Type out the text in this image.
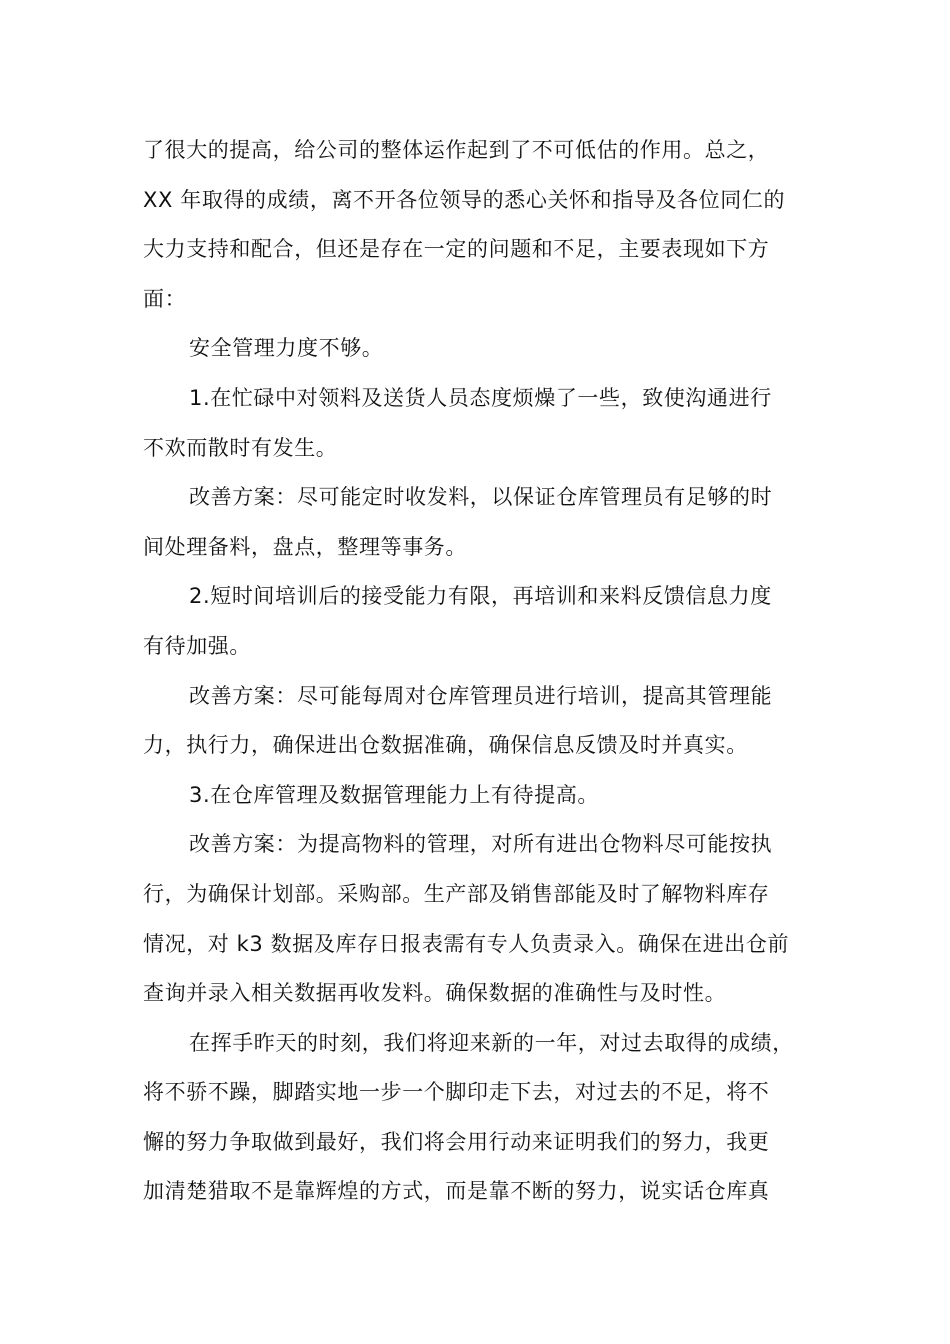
了很大的提高，给公司的整体运作起到了不可低估的作用。总之，
XX 年取得的成绩，离不开各位领导的悉心关怀和指导及各位同仁的
大力支持和配合，但还是存在一定的问题和不足，主要表现如下方
面：
安全管理力度不够。
1.在忙碌中对领料及送货人员态度烦燥了一些，致使沟通进行
不欢而散时有发生。
改善方案：尽可能定时收发料，以保证仓库管理员有足够的时
间处理备料，盘点，整理等事务。
2.短时间培训后的接受能力有限，再培训和来料反馈信息力度
有待加强。
改善方案：尽可能每周对仓库管理员进行培训，提高其管理能
力，执行力，确保进出仓数据准确，确保信息反馈及时并真实。
3.在仓库管理及数据管理能力上有待提高。
改善方案：为提高物料的管理，对所有进出仓物料尽可能按执
行，为确保计划部。采购部。生产部及销售部能及时了解物料库存
情况，对 k3 数据及库存日报表需有专人负责录入。确保在进出仓前
查询并录入相关数据再收发料。确保数据的准确性与及时性。
在挥手昨天的时刻，我们将迎来新的一年，对过去取得的成绩，
将不骄不躁，脚踏实地一步一个脚印走下去，对过去的不足，将不
懈的努力争取做到最好，我们将会用行动来证明我们的努力，我更
加清楚猎取不是靠辉煌的方式，而是靠不断的努力，说实话仓库真
